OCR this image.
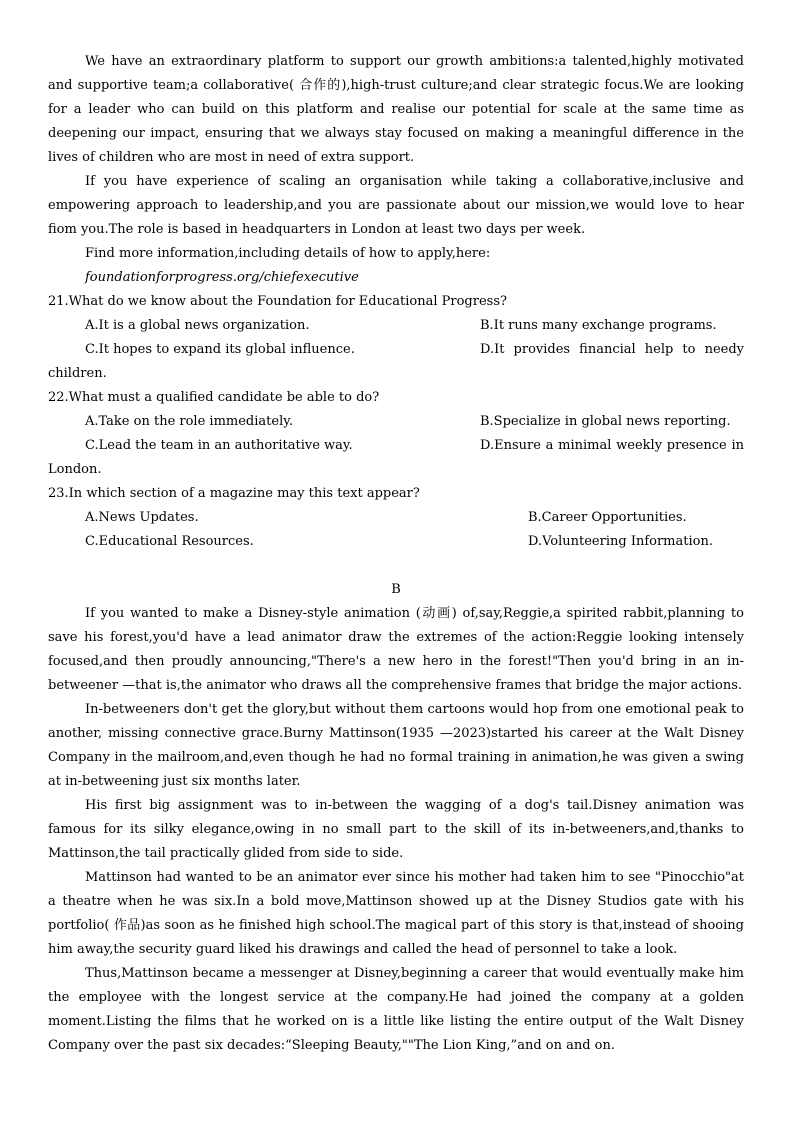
We have an extraordinary platform to support our growth ambitions:a talented,highly motivated and supportive team;a collaborative( 合作的),high-trust culture;and clear strategic focus.We are looking for a leader who can build on this platform and realise our potential for scale at the same time as deepening our impact, ensuring that we always stay focused on making a meaningful difference in the lives of children who are most in need of extra support.

If you have experience of scaling an organisation while taking a collaborative,inclusive and empowering approach to leadership,and you are passionate about our mission,we would love to hear fiom you.The role is based in headquarters in London at least two days per week.

Find more information,including details of how to apply,here:

foundationforprogress.org/chiefexecutive

21.What do we know about the Foundation for Educational Progress?
A.It is a global news organization.	B.It runs many exchange programs.
C.It hopes to expand its global influence.	D.It provides financial help to needy
children.
22.What must a qualified candidate be able to do?
A.Take on the role immediately.	B.Specialize in global news reporting.
C.Lead the team in an authoritative way.	D.Ensure a minimal weekly presence in
London.
23.In which section of a magazine may this text appear?
A.News Updates.	B.Career Opportunities.
C.Educational Resources.	D.Volunteering Information.
B

If you wanted to make a Disney-style animation (动画) of,say,Reggie,a spirited rabbit,planning to save his forest,you'd have a lead animator draw the extremes of the action:Reggie looking intensely focused,and then proudly announcing,"There's a new hero in the forest!"Then you'd bring in an in-betweener —that is,the animator who draws all the comprehensive frames that bridge the major actions.

In-betweeners don't get the glory,but without them cartoons would hop from one emotional peak to another, missing connective grace.Burny Mattinson(1935 —2023)started his career at the Walt Disney Company in the mailroom,and,even though he had no formal training in animation,he was given a swing at in-betweening just six months later.

His first big assignment was to in-between the wagging of a dog's tail.Disney animation was famous for its silky elegance,owing in no small part to the skill of its in-betweeners,and,thanks to Mattinson,the tail practically glided from side to side.

Mattinson had wanted to be an animator ever since his mother had taken him to see "Pinocchio"at a theatre when he was six.In a bold move,Mattinson showed up at the Disney Studios gate with his portfolio( 作品)as soon as he finished high school.The magical part of this story is that,instead of shooing him away,the security guard liked his drawings and called the head of personnel to take a look.

Thus,Mattinson became a messenger at Disney,beginning a career that would eventually make him the employee with the longest service at the company.He had joined the company at a golden moment.Listing the films that he worked on is a little like listing the entire output of the Walt Disney Company over the past six decades:“Sleeping Beauty,""The Lion King,”and on and on.
